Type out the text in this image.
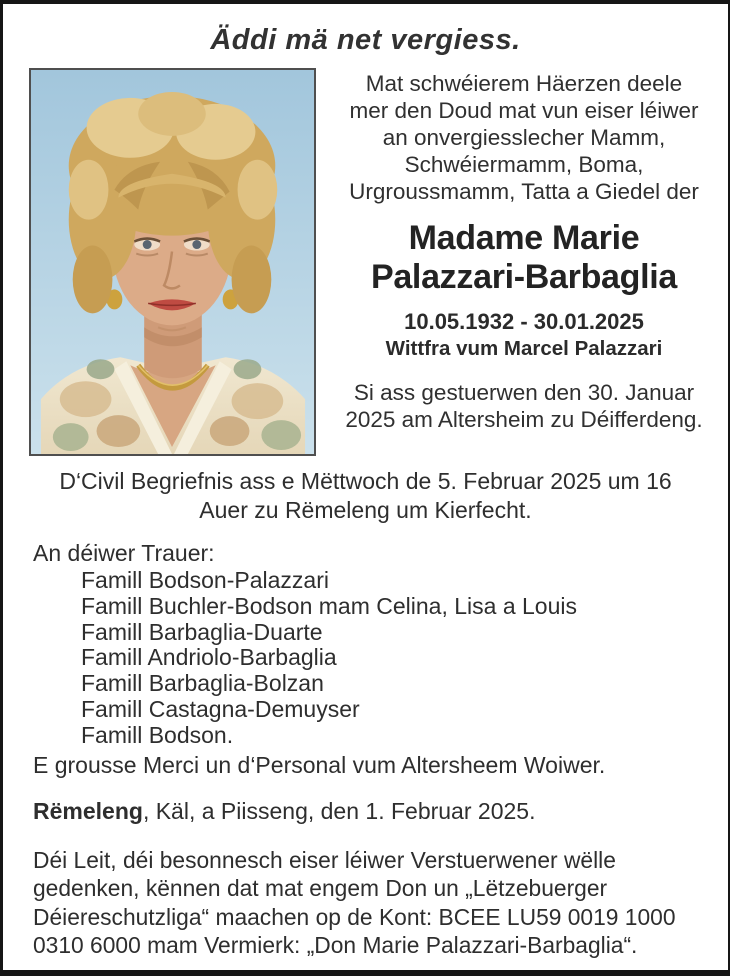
Äddi mä net vergiess.
Mat schwéierem Häerzen deele mer den Doud mat vun eiser léiwer an onvergiesslecher Mamm, Schwéiermamm, Boma, Urgroussmamm, Tatta a Giedel der
Madame Marie Palazzari-Barbaglia
10.05.1932 - 30.01.2025
Wittfra vum Marcel Palazzari
Si ass gestuerwen den 30. Januar 2025 am Altersheim zu Déifferdeng.
D‘Civil Begriefnis ass e Mëttwoch de 5. Februar 2025 um 16 Auer zu Rëmeleng um Kierfecht.
An déiwer Trauer:
Famill Bodson-Palazzari
Famill Buchler-Bodson mam Celina, Lisa a Louis
Famill Barbaglia-Duarte
Famill Andriolo-Barbaglia
Famill Barbaglia-Bolzan
Famill Castagna-Demuyser
Famill Bodson.
E grousse Merci un d‘Personal vum Altersheem Woiwer.
Rëmeleng, Käl, a Piisseng, den 1. Februar 2025.
Déi Leit, déi besonnesch eiser léiwer Verstuerwener wëlle gedenken, kënnen dat mat engem Don un „Lëtzebuerger Déiereschutzliga“ maachen op de Kont: BCEE LU59 0019 1000 0310 6000 mam Vermierk: „Don Marie Palazzari-Barbaglia“.
